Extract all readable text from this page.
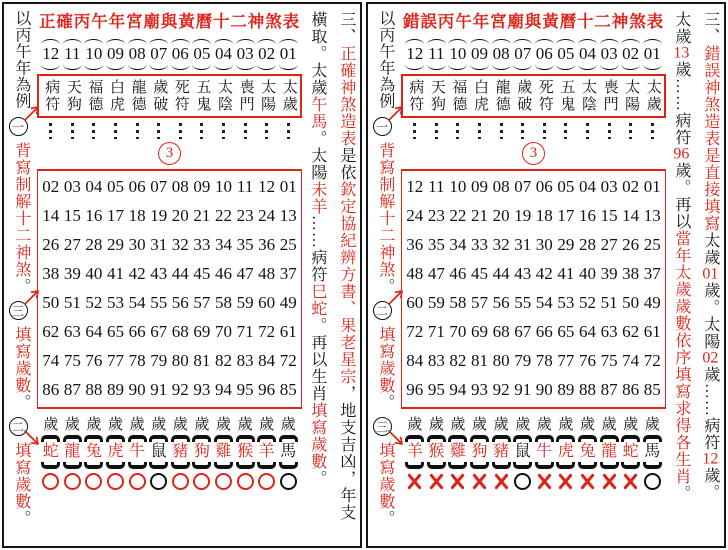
以丙午年為例
一
背寫制解十二神煞。
三
填寫歲數。
二
填寫歲數。
正確丙午年宮廟與黃曆十二神煞表
12 11 10 09 08 07 06 05 04 03 02 01
病符 天狗 福德 白虎 龍德 歲破 死符 五鬼 太陰 喪門 太陽 太歲
3
02 03 04 05 06 07 08 09 10 11 12 01
14 15 16 17 18 19 20 21 22 23 24 13
26 27 28 29 30 31 32 33 34 35 36 25
38 39 40 41 42 43 44 45 46 47 48 37
50 51 52 53 54 55 56 57 58 59 60 49
62 63 64 65 66 67 68 69 70 71 72 61
74 75 76 77 78 79 80 81 82 83 84 72
86 87 88 89 90 91 92 93 94 95 96 85
歲 歲 歲 歲 歲 歲 歲 歲 歲 歲 歲 歲
蛇 龍 兔 虎 牛 鼠 豬 狗 雞 猴 羊 馬
橫取。太歲午馬。太陽未羊……病符巳蛇。再以生肖填寫歲數。
三、正確神煞造表是依欽定協紀辨方書、果老星宗，地支吉凶，年支
以丙午年為例
一
背寫制解十二神煞。
二
填寫歲數。
三
填寫歲數。
錯誤丙午年宮廟與黃曆十二神煞表
12 11 10 09 08 07 06 05 04 03 02 01
病符 天狗 福德 白虎 龍德 歲破 死符 五鬼 太陰 喪門 太陽 太歲
3
12 11 10 09 08 07 06 05 04 03 02 01
24 23 22 21 20 19 18 17 16 15 14 13
36 35 34 33 32 31 30 29 28 27 26 25
48 47 46 45 44 43 42 41 40 39 38 37
60 59 58 57 56 55 54 53 52 51 50 49
72 71 70 69 68 67 66 65 64 63 62 61
84 83 82 81 80 79 78 77 76 75 74 72
96 95 94 93 92 91 90 89 88 87 86 85
歲 歲 歲 歲 歲 歲 歲 歲 歲 歲 歲 歲
羊 猴 雞 狗 豬 鼠 牛 虎 兔 龍 蛇 馬
太歲13歲……病符96歲。再以當年太歲歲數依序填寫求得各生肖。
三、錯誤神煞造表是直接填寫太歲01歲。太陽02歲……病符12歲。
